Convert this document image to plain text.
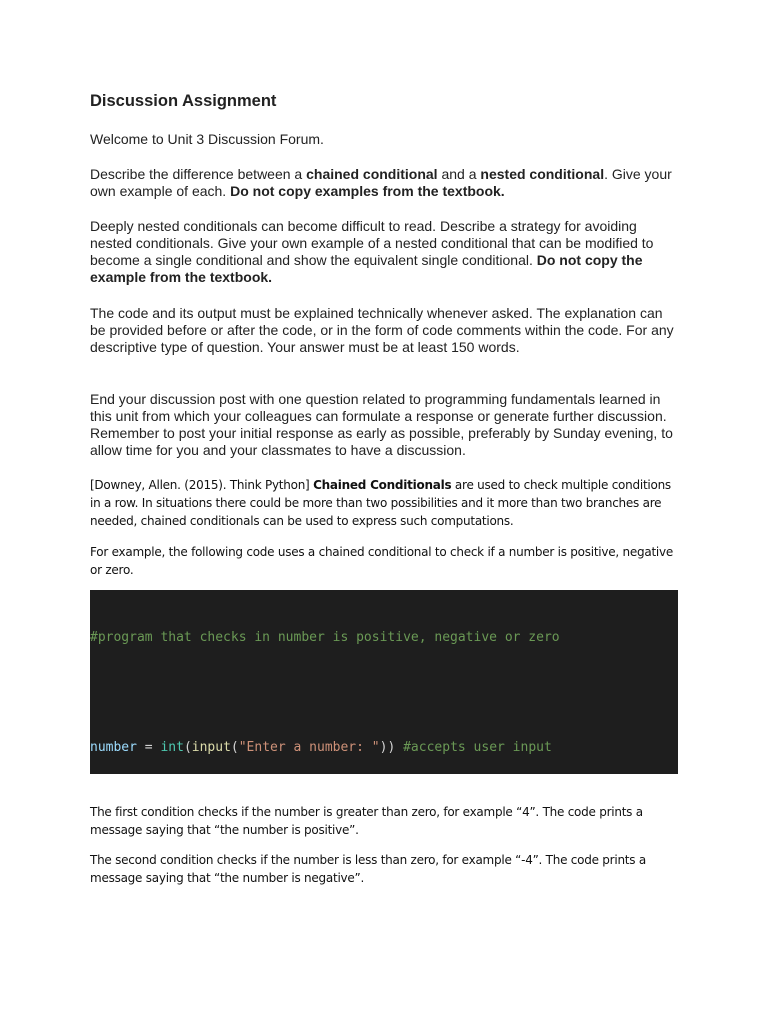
Discussion Assignment

Welcome to Unit 3 Discussion Forum.

Describe the difference between a chained conditional and a nested conditional. Give your own example of each. Do not copy examples from the textbook.

Deeply nested conditionals can become difficult to read. Describe a strategy for avoiding nested conditionals. Give your own example of a nested conditional that can be modified to become a single conditional and show the equivalent single conditional. Do not copy the example from the textbook.

The code and its output must be explained technically whenever asked. The explanation can be provided before or after the code, or in the form of code comments within the code. For any descriptive type of question. Your answer must be at least 150 words.

End your discussion post with one question related to programming fundamentals learned in this unit from which your colleagues can formulate a response or generate further discussion. Remember to post your initial response as early as possible, preferably by Sunday evening, to allow time for you and your classmates to have a discussion.

[Downey, Allen. (2015). Think Python] Chained Conditionals are used to check multiple conditions in a row. In situations there could be more than two possibilities and it more than two branches are needed, chained conditionals can be used to express such computations.

For example, the following code uses a chained conditional to check if a number is positive, negative or zero.

#program that checks in number is positive, negative or zero

number = int(input("Enter a number: ")) #accepts user input

The first condition checks if the number is greater than zero, for example “4”. The code prints a message saying that “the number is positive”.

The second condition checks if the number is less than zero, for example “-4”. The code prints a message saying that “the number is negative”.
